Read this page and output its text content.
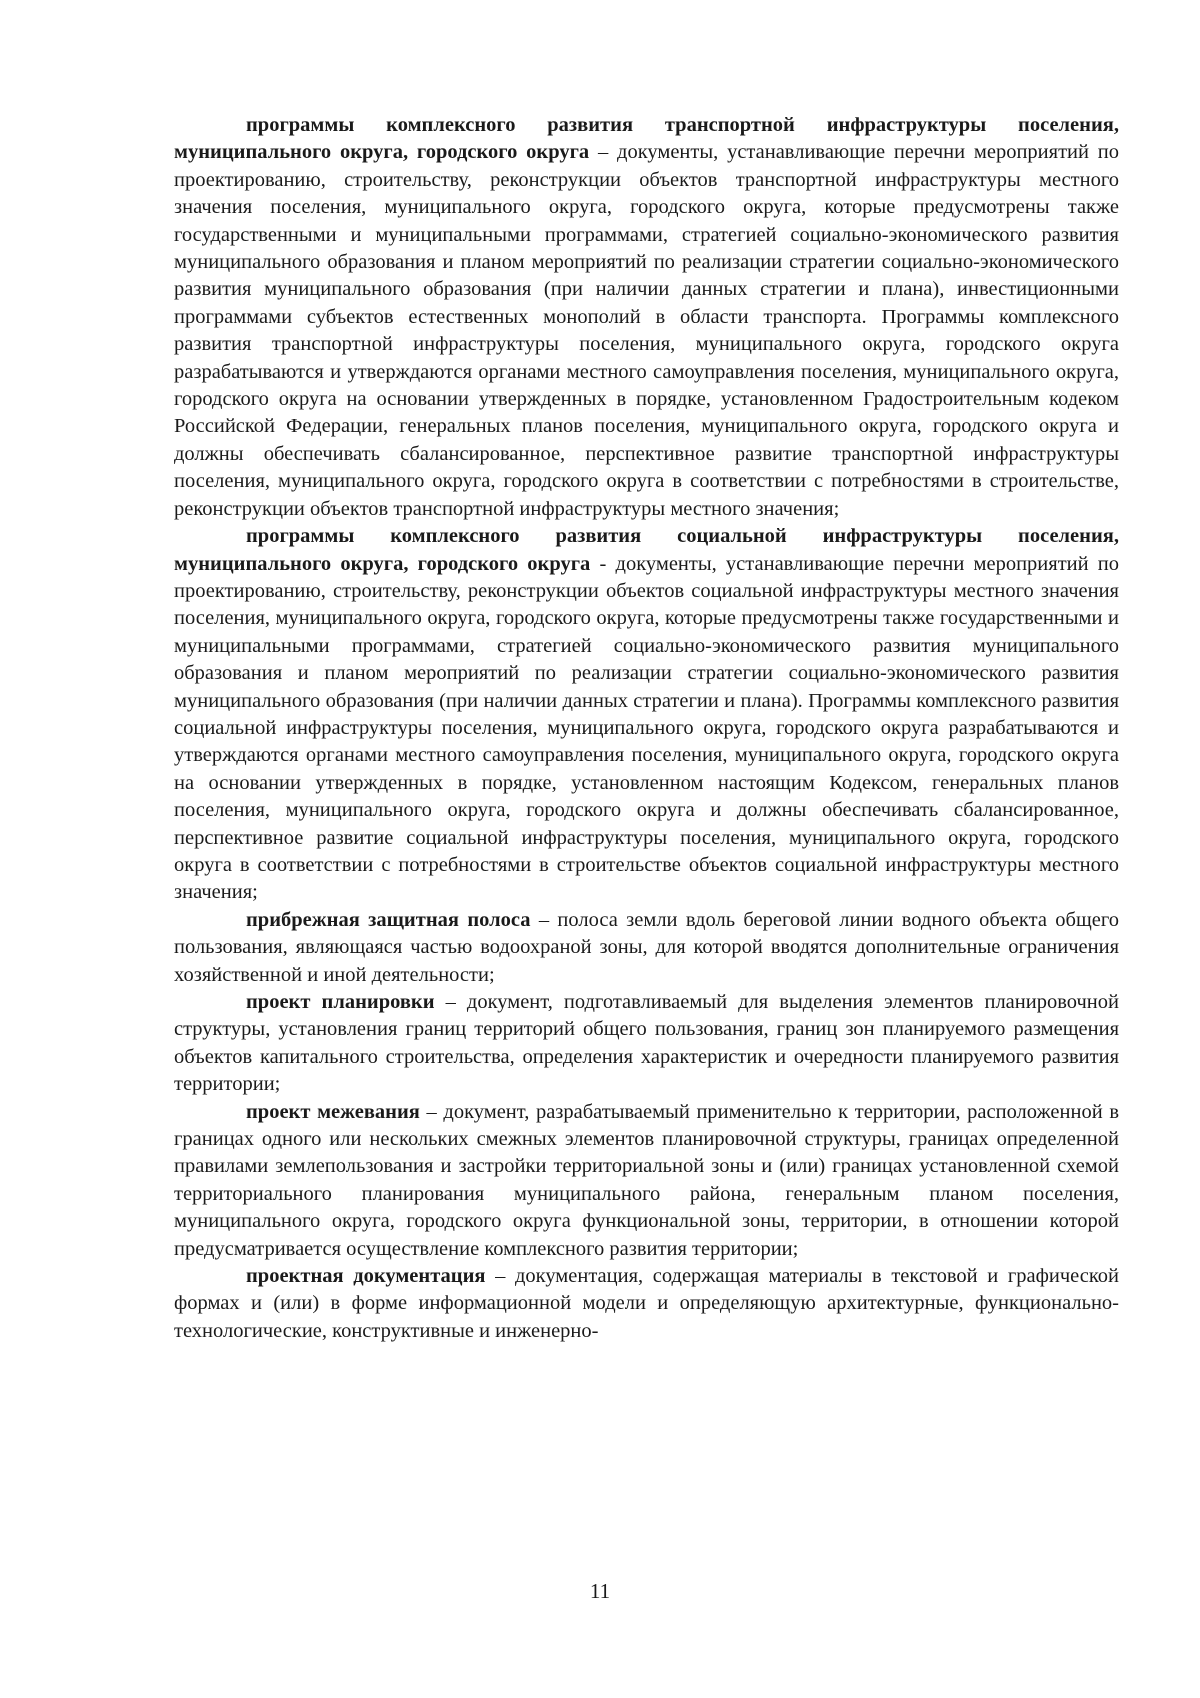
программы комплексного развития транспортной инфраструктуры поселения, муниципального округа, городского округа – документы, устанавливающие перечни мероприятий по проектированию, строительству, реконструкции объектов транспортной инфраструктуры местного значения поселения, муниципального округа, городского округа, которые предусмотрены также государственными и муниципальными программами, стратегией социально-экономического развития муниципального образования и планом мероприятий по реализации стратегии социально-экономического развития муниципального образования (при наличии данных стратегии и плана), инвестиционными программами субъектов естественных монополий в области транспорта. Программы комплексного развития транспортной инфраструктуры поселения, муниципального округа, городского округа разрабатываются и утверждаются органами местного самоуправления поселения, муниципального округа, городского округа на основании утвержденных в порядке, установленном Градостроительным кодеком Российской Федерации, генеральных планов поселения, муниципального округа, городского округа и должны обеспечивать сбалансированное, перспективное развитие транспортной инфраструктуры поселения, муниципального округа, городского округа в соответствии с потребностями в строительстве, реконструкции объектов транспортной инфраструктуры местного значения;

программы комплексного развития социальной инфраструктуры поселения, муниципального округа, городского округа - документы, устанавливающие перечни мероприятий по проектированию, строительству, реконструкции объектов социальной инфраструктуры местного значения поселения, муниципального округа, городского округа, которые предусмотрены также государственными и муниципальными программами, стратегией социально-экономического развития муниципального образования и планом мероприятий по реализации стратегии социально-экономического развития муниципального образования (при наличии данных стратегии и плана). Программы комплексного развития социальной инфраструктуры поселения, муниципального округа, городского округа разрабатываются и утверждаются органами местного самоуправления поселения, муниципального округа, городского округа на основании утвержденных в порядке, установленном настоящим Кодексом, генеральных планов поселения, муниципального округа, городского округа и должны обеспечивать сбалансированное, перспективное развитие социальной инфраструктуры поселения, муниципального округа, городского округа в соответствии с потребностями в строительстве объектов социальной инфраструктуры местного значения;

прибрежная защитная полоса – полоса земли вдоль береговой линии водного объекта общего пользования, являющаяся частью водоохраной зоны, для которой вводятся дополнительные ограничения хозяйственной и иной деятельности;

проект планировки – документ, подготавливаемый для выделения элементов планировочной структуры, установления границ территорий общего пользования, границ зон планируемого размещения объектов капитального строительства, определения характеристик и очередности планируемого развития территории;

проект межевания – документ, разрабатываемый применительно к территории, расположенной в границах одного или нескольких смежных элементов планировочной структуры, границах определенной правилами землепользования и застройки территориальной зоны и (или) границах установленной схемой территориального планирования муниципального района, генеральным планом поселения, муниципального округа, городского округа функциональной зоны, территории, в отношении которой предусматривается осуществление комплексного развития территории;

проектная документация – документация, содержащая материалы в текстовой и графической формах и (или) в форме информационной модели и определяющую архитектурные, функционально-технологические, конструктивные и инженерно-

11
